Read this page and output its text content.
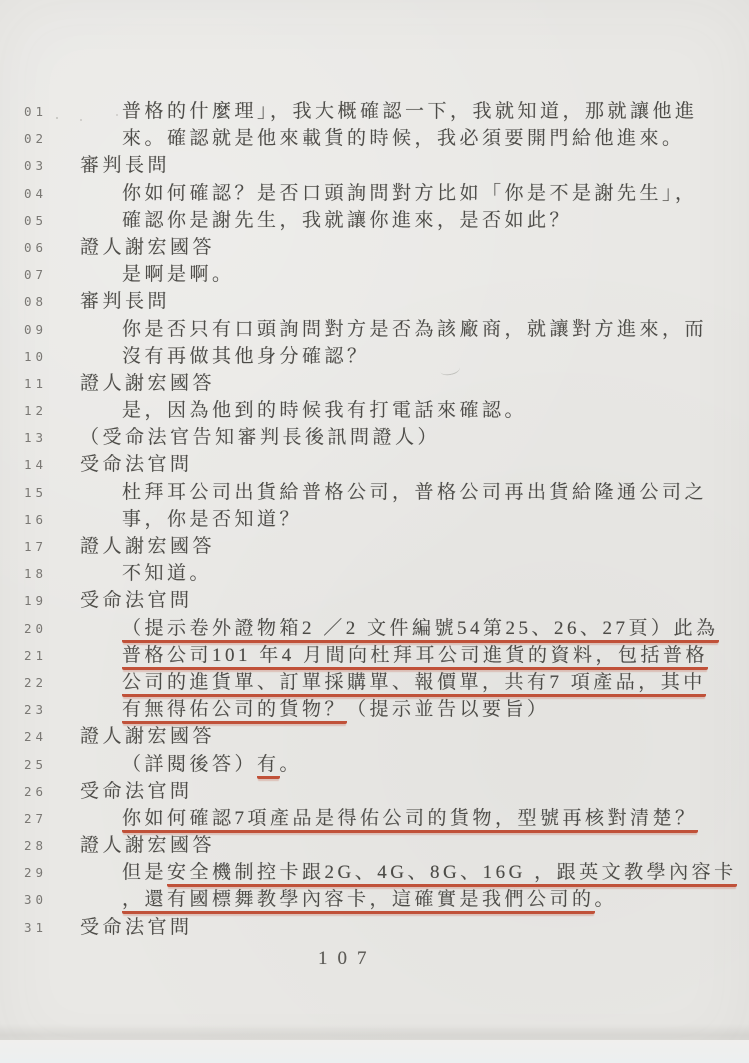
01	普格的什麼理」，我大概確認一下，我就知道，那就讓他進
02	來。確認就是他來載貨的時候，我必須要開門給他進來。
03 審判長問
04	你如何確認？是否口頭詢問對方比如「你是不是謝先生」，
05	確認你是謝先生，我就讓你進來，是否如此？
06 證人謝宏國答
07	是啊是啊。
08 審判長問
09	你是否只有口頭詢問對方是否為該廠商，就讓對方進來，而
10	沒有再做其他身分確認？
11 證人謝宏國答
12	是，因為他到的時候我有打電話來確認。
13 （受命法官告知審判長後訊問證人）
14 受命法官問
15	杜拜耳公司出貨給普格公司，普格公司再出貨給隆通公司之
16	事，你是否知道？
17 證人謝宏國答
18	不知道。
19 受命法官問
20	（提示卷外證物箱2 ／2 文件編號54第25、26、27頁）此為
21	普格公司101 年4 月間向杜拜耳公司進貨的資料，包括普格
22	公司的進貨單、訂單採購單、報價單，共有7 項產品，其中
23	有無得佑公司的貨物？（提示並告以要旨）
24 證人謝宏國答
25	（詳閱後答）有。
26 受命法官問
27	你如何確認7項產品是得佑公司的貨物，型號再核對清楚？
28 證人謝宏國答
29	但是安全機制控卡跟2G、4G、8G、16G ，跟英文教學內容卡
30	，還有國標舞教學內容卡，這確實是我們公司的。
31 受命法官問
107
